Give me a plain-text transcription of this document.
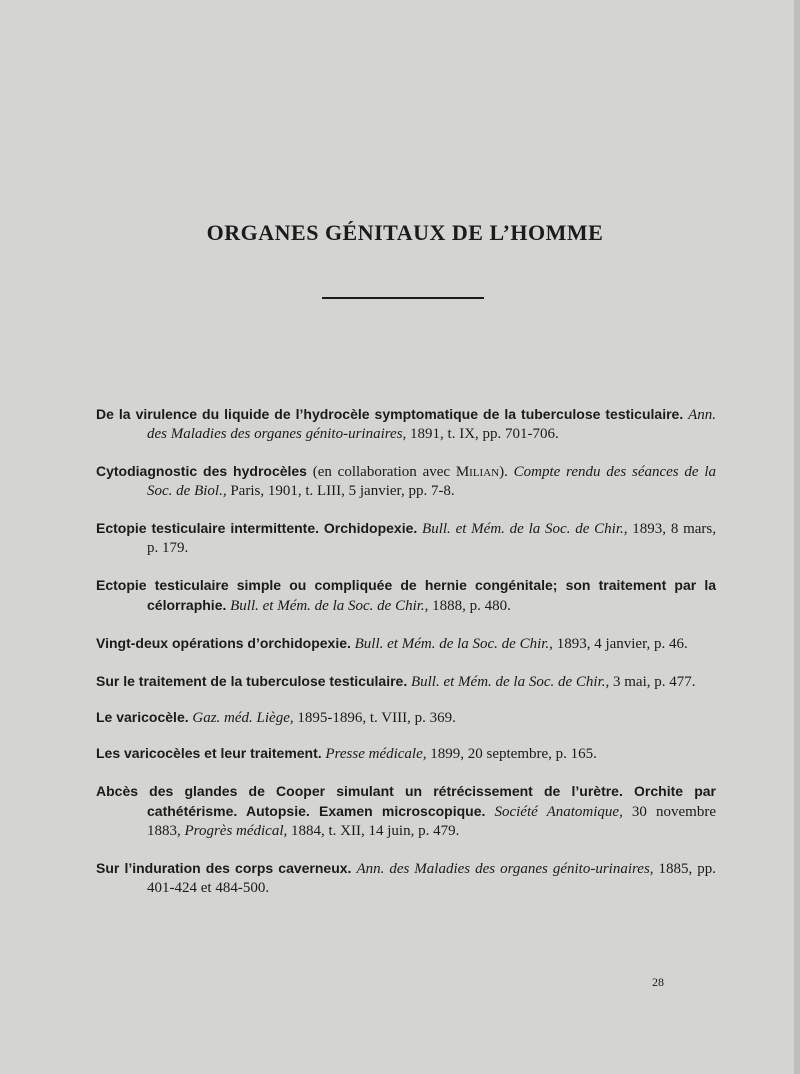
ORGANES GÉNITAUX DE L’HOMME

De la virulence du liquide de l’hydrocèle symptomatique de la tuberculose testiculaire. Ann. des Maladies des organes génito-urinaires, 1891, t. IX, pp. 701-706.

Cytodiagnostic des hydrocèles (en collaboration avec Milian). Compte rendu des séances de la Soc. de Biol., Paris, 1901, t. LIII, 5 janvier, pp. 7-8.

Ectopie testiculaire intermittente. Orchidopexie. Bull. et Mém. de la Soc. de Chir., 1893, 8 mars, p. 179.

Ectopie testiculaire simple ou compliquée de hernie congénitale; son traitement par la célorraphie. Bull. et Mém. de la Soc. de Chir., 1888, p. 480.

Vingt-deux opérations d’orchidopexie. Bull. et Mém. de la Soc. de Chir., 1893, 4 janvier, p. 46.

Sur le traitement de la tuberculose testiculaire. Bull. et Mém. de la Soc. de Chir., 3 mai, p. 477.

Le varicocèle. Gaz. méd. Liège, 1895-1896, t. VIII, p. 369.

Les varicocèles et leur traitement. Presse médicale, 1899, 20 septembre, p. 165.

Abcès des glandes de Cooper simulant un rétrécissement de l’urètre. Orchite par cathétérisme. Autopsie. Examen microscopique. Société Anatomique, 30 novembre 1883, Progrès médical, 1884, t. XII, 14 juin, p. 479.

Sur l’induration des corps caverneux. Ann. des Maladies des organes génito-urinaires, 1885, pp. 401-424 et 484-500.

28
